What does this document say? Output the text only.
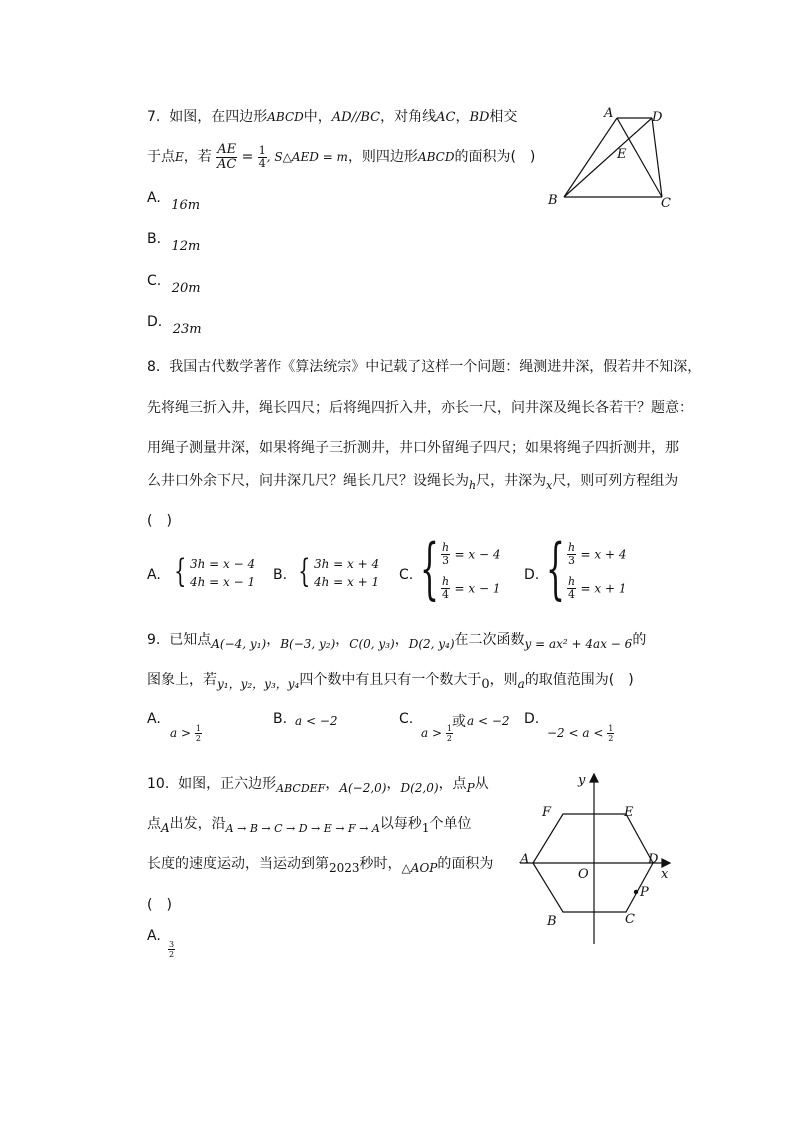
7. 如图，在四边形ABCD中，AD//BC，对角线AC，BD相交
于点E，若 $\frac{AE}{AC} = \frac{1}{4}$ , S△AED = m，则四边形ABCD的面积为(　)
A. 16m
B. 12m
C. 20m
D. 23m
A	D
E
B	C
8. 我国古代数学著作《算法统宗》中记载了这样一个问题：绳测进井深，假若井不知深，
先将绳三折入井，绳长四尺；后将绳四折入井，亦长一尺，问井深及绳长各若干？题意：
用绳子测量井深，如果将绳子三折测井，井口外留绳子四尺；如果将绳子四折测井，那
么井口外余下尺，问井深几尺？绳长几尺？设绳长为$_h$尺，井深为$_x$尺，则可列方程组为
(　)
A. { 3h = x − 4
4h = x − 1 B. { 3h = x + 4
4h = x + 1 C. { $\frac{h}{3} = x - 4$
$\frac{h}{4} = x - 1$
D. { $\frac{h}{3} = x + 4$
$\frac{h}{4} = x + 1$
9. 已知点A(−4, y₁)，B(−3, y₂)，C(0, y₃)，D(2, y₄)在二次函数y = ax² + 4ax − 6的
图象上，若y₁，y₂，y₃，y₄四个数中有且只有一个数大于0，则a的取值范围为(　)
A.
$a > \frac{1}{2}$
B. a < −2	C.
$a > \frac{1}{2}$
或 a < −2 D.
$-2 < a < \frac{1}{2}$
10. 如图，正六边形$_{ABCDEF}$，A(−2,0)，D(2,0)，点P从
点A出发，沿$_{A \to B \to C \to D \to E \to F \to A}$以每秒1个单位
长度的速度运动，当运动到第2023秒时，△AOP的面积为
(　)
A.
$\frac{3}{2}$
y
F	E
A	D
O	x
P
B	C
